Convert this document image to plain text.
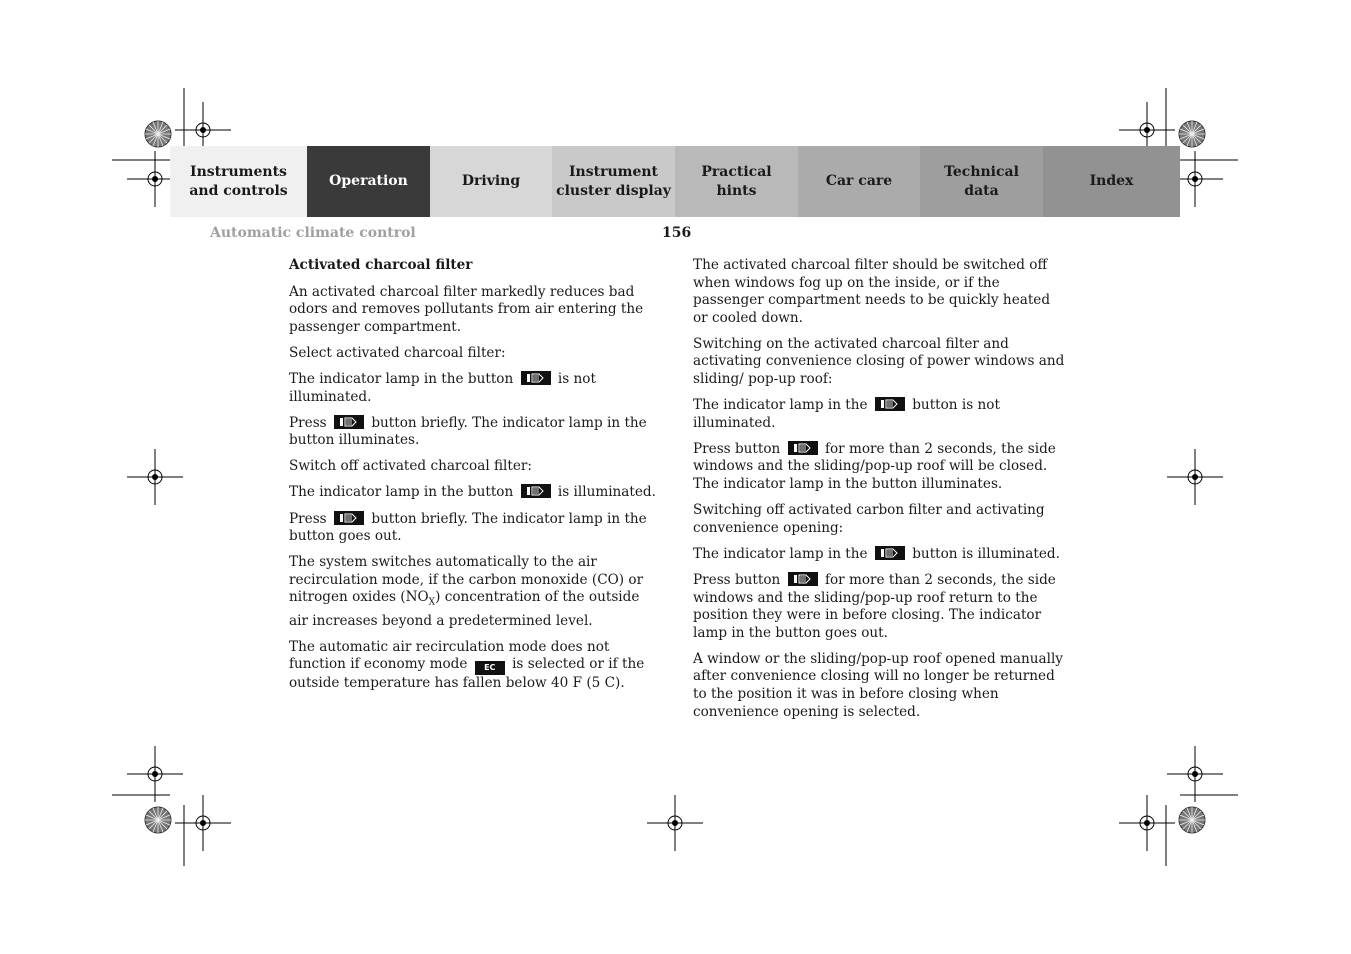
Instruments
and controls
Operation	Driving
Instrument
cluster display
Practical hints
Car care
Technical
data
Index
Automatic climate control	156
Activated charcoal filter

An activated charcoal filter markedly reduces bad odors and removes pollutants from air entering the passenger compartment.

Select activated charcoal filter:

The indicator lamp in the button	is not illuminated.

Press	button briefly. The indicator lamp in the button illuminates.

Switch off activated charcoal filter:

The indicator lamp in the button	is illuminated.

Press	button briefly. The indicator lamp in the button goes out.

The system switches automatically to the air recirculation mode, if the carbon monoxide (CO) or nitrogen oxides $(NO_X)$ concentration of the outside air increases beyond a predetermined level.

The automatic air recirculation mode does not function if economy mode EC is selected or if the outside temperature has fallen below 40 F (5 C).

The activated charcoal filter should be switched off when windows fog up on the inside, or if the passenger compartment needs to be quickly heated or cooled down.

Switching on the activated charcoal filter and activating convenience closing of power windows and sliding/ pop-up roof:

The indicator lamp in the	button is not illuminated.

Press button	for more than 2 seconds, the side windows and the sliding/pop-up roof will be closed. The indicator lamp in the button illuminates.

Switching off activated carbon filter and activating convenience opening:

The indicator lamp in the	button is illuminated.

Press button	for more than 2 seconds, the side windows and the sliding/pop-up roof return to the position they were in before closing. The indicator lamp in the button goes out.

A window or the sliding/pop-up roof opened manually after convenience closing will no longer be returned to the position it was in before closing when convenience opening is selected.
